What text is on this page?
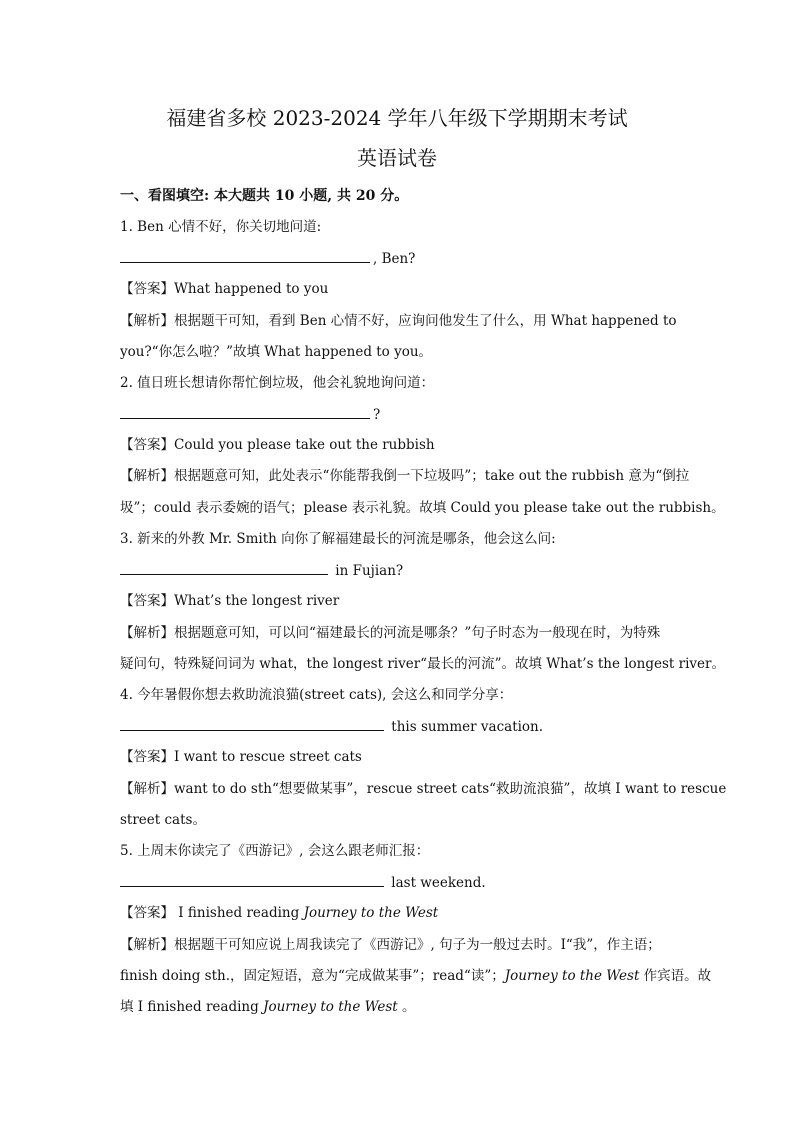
福建省多校 2023-2024 学年八年级下学期期末考试
英语试卷
一、看图填空: 本大题共 10 小题, 共 20 分。
1. Ben 心情不好，你关切地问道:
, Ben?
【答案】What happened to you
【解析】根据题干可知，看到 Ben 心情不好，应询问他发生了什么，用 What happened to
you?“你怎么啦？”故填 What happened to you。
2. 值日班长想请你帮忙倒垃圾，他会礼貌地询问道：
?
【答案】Could you please take out the rubbish
【解析】根据题意可知，此处表示“你能帮我倒一下垃圾吗”；take out the rubbish 意为“倒拉
圾”；could 表示委婉的语气；please 表示礼貌。故填 Could you please take out the rubbish。
3. 新来的外教 Mr. Smith 向你了解福建最长的河流是哪条，他会这么问:
in Fujian?
【答案】What’s the longest river
【解析】根据题意可知，可以问“福建最长的河流是哪条？”句子时态为一般现在时，为特殊
疑问句，特殊疑问词为 what，the longest river“最长的河流”。故填 What’s the longest river。
4. 今年暑假你想去救助流浪猫(street cats), 会这么和同学分享：
this summer vacation.
【答案】I want to rescue street cats
【解析】want to do sth“想要做某事”，rescue street cats“救助流浪猫”，故填 I want to rescue
street cats。
5. 上周末你读完了《西游记》, 会这么跟老师汇报：
last weekend.
【答案】 I finished reading Journey to the West
【解析】根据题干可知应说上周我读完了《西游记》, 句子为一般过去时。I“我”，作主语；
finish doing sth.，固定短语，意为“完成做某事”；read“读”；Journey to the West 作宾语。故
填 I finished reading Journey to the West 。
